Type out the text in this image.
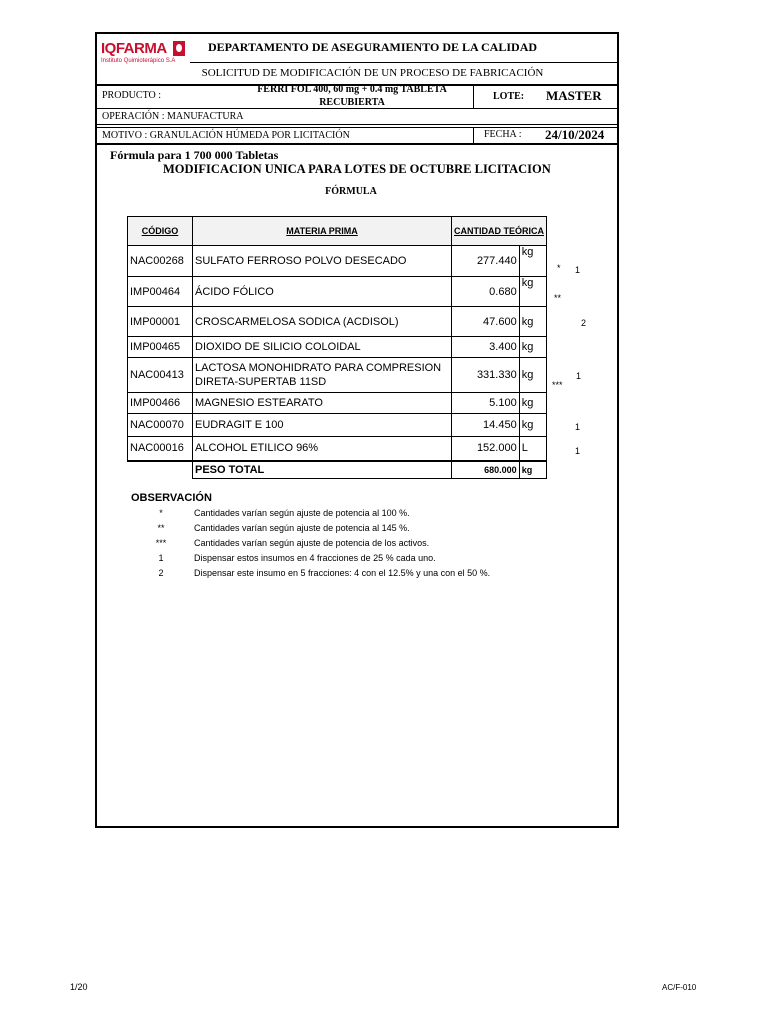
IQFARMA
Instituto Quimioterápico S.A
DEPARTAMENTO DE ASEGURAMIENTO DE LA CALIDAD
SOLICITUD DE MODIFICACIÓN DE UN PROCESO DE FABRICACIÓN
PRODUCTO :
FERRI FOL 400, 60 mg + 0.4 mg TABLETA
RECUBIERTA
LOTE: MASTER
OPERACIÓN : MANUFACTURA
MOTIVO : GRANULACIÓN HÚMEDA POR LICITACIÓN	FECHA : 24/10/2024
Fórmula para 1 700 000 Tabletas
MODIFICACION UNICA PARA LOTES DE OCTUBRE LICITACION
FÓRMULA
CÓDIGO	MATERIA PRIMA	CANTIDAD TEÓRICA	
NAC00268	SULFATO FERROSO POLVO DESECADO	277.440	kg
IMP00464	ÁCIDO FÓLICO	0.680	kg
IMP00001	CROSCARMELOSA SODICA (ACDISOL)	47.600	kg
IMP00465	DIOXIDO DE SILICIO COLOIDAL	3.400	kg
NAC00413	LACTOSA MONOHIDRATO PARA COMPRESION
DIRETA-SUPERTAB 11SD	331.330	kg
IMP00466	MAGNESIO ESTEARATO	5.100	kg
NAC00070	EUDRAGIT E 100	14.450	kg
NAC00016	ALCOHOL ETILICO 96%	152.000	L
	PESO TOTAL	680.000	kg
* 1
**
2
1
***
1
1
OBSERVACIÓN
*	Cantidades varían según ajuste de potencia al 100 %.
**	Cantidades varían según ajuste de potencia al 145 %.
***	Cantidades varían según ajuste de potencia de los activos.
1	Dispensar estos insumos en 4 fracciones de 25 % cada uno.
2	Dispensar este insumo en 5 fracciones: 4 con el 12.5% y una con el 50 %.
1/20	AC/F-010
